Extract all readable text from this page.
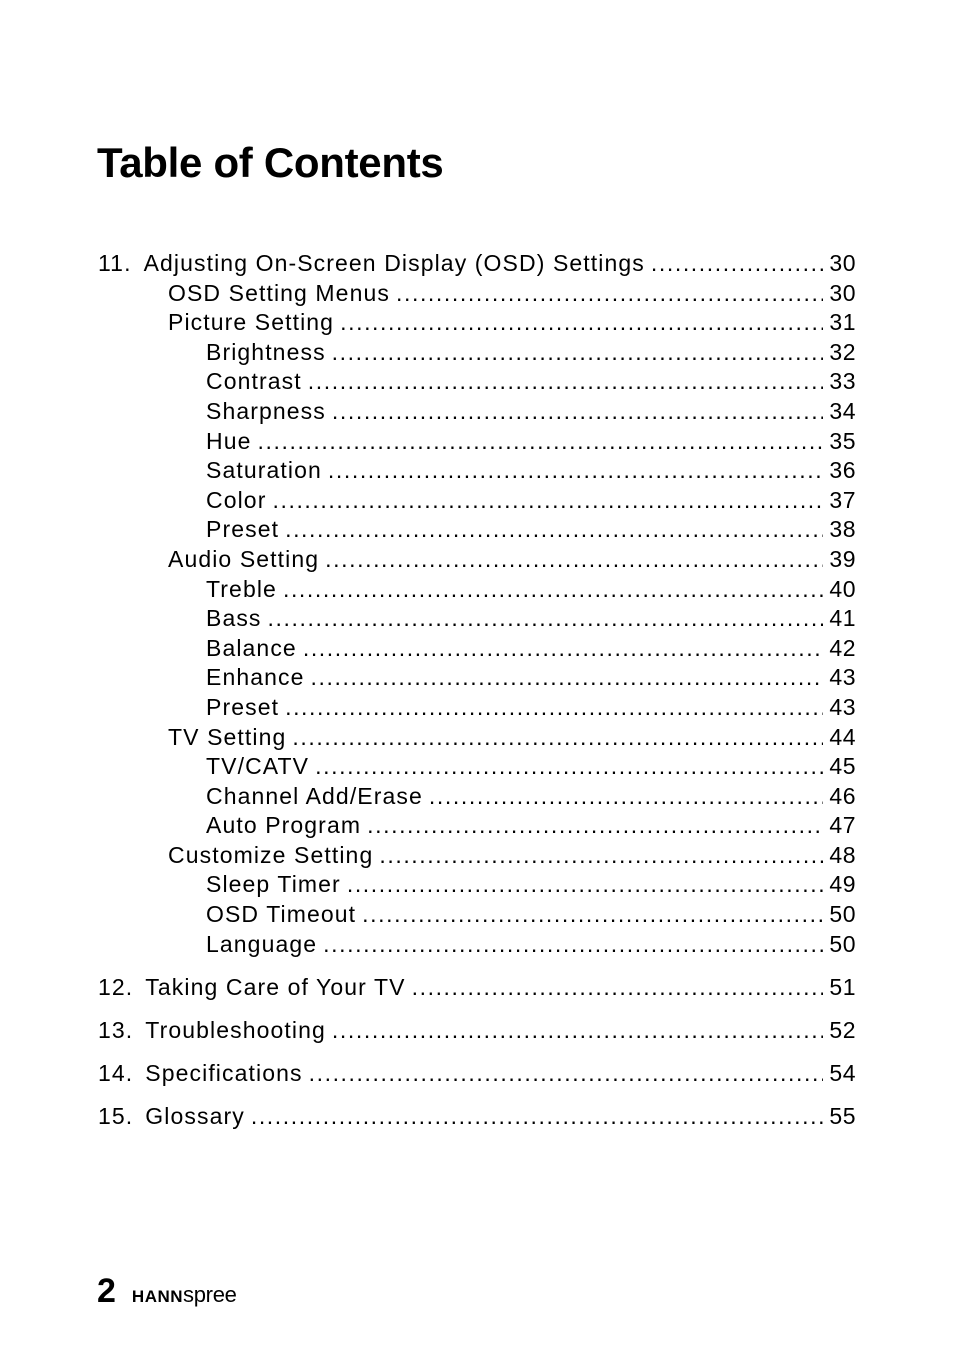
Table of Contents
11. Adjusting On-Screen Display (OSD) Settings .....	30
OSD Setting Menus .....	30
Picture Setting .....	31
Brightness .....	32
Contrast .....	33
Sharpness .....	34
Hue .....	35
Saturation .....	36
Color .....	37
Preset .....	38
Audio Setting .....	39
Treble .....	40
Bass .....	41
Balance .....	42
Enhance .....	43
Preset .....	43
TV Setting .....	44
TV/CATV .....	45
Channel Add/Erase .....	46
Auto Program .....	47
Customize Setting .....	48
Sleep Timer .....	49
OSD Timeout .....	50
Language .....	50
12. Taking Care of Your TV .....	51
13. Troubleshooting .....	52
14. Specifications .....	54
15. Glossary .....	55
2 HANNspree
